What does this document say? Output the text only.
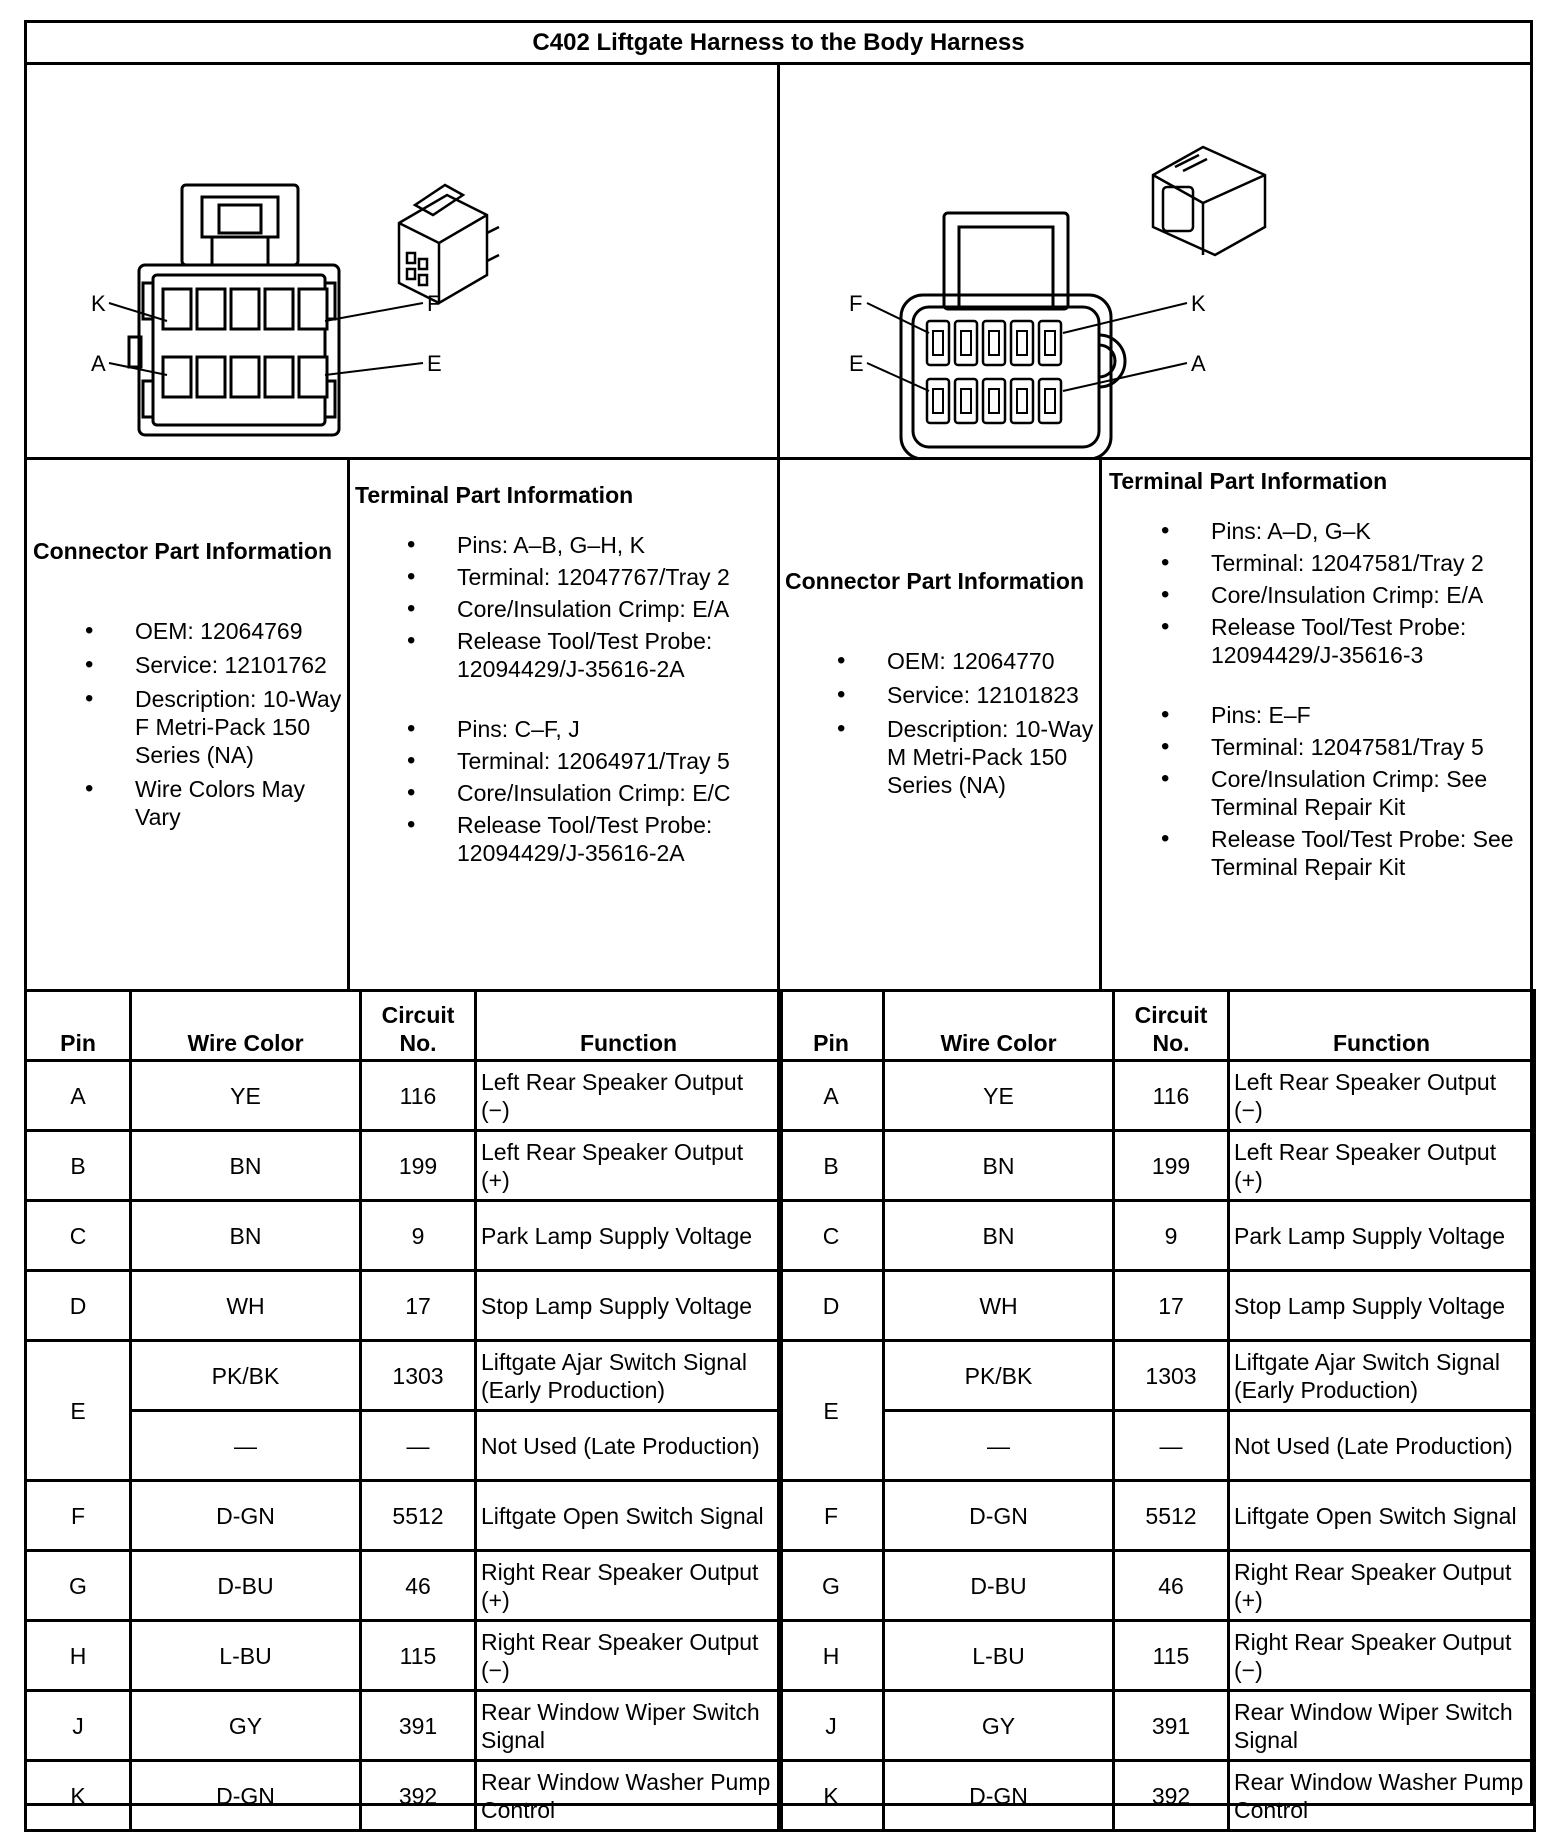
C402 Liftgate Harness to the Body Harness
K
A
F
E
F
E
K
A
Connector Part Information
• OEM: 12064769
• Service: 12101762
• Description: 10-Way F Metri-Pack 150 Series (NA)
• Wire Colors May Vary
Terminal Part Information
• Pins: A–B, G–H, K
• Terminal: 12047767/Tray 2
• Core/Insulation Crimp: E/A
• Release Tool/Test Probe: 12094429/J-35616-2A
• Pins: C–F, J
• Terminal: 12064971/Tray 5
• Core/Insulation Crimp: E/C
• Release Tool/Test Probe: 12094429/J-35616-2A
Connector Part Information
• OEM: 12064770
• Service: 12101823
• Description: 10-Way M Metri-Pack 150 Series (NA)
Terminal Part Information
• Pins: A–D, G–K
• Terminal: 12047581/Tray 2
• Core/Insulation Crimp: E/A
• Release Tool/Test Probe: 12094429/J-35616-3
• Pins: E–F
• Terminal: 12047581/Tray 5
• Core/Insulation Crimp: See Terminal Repair Kit
• Release Tool/Test Probe: See Terminal Repair Kit
Pin	Wire Color	Circuit No.	Function
A	YE	116	Left Rear Speaker Output (−)
B	BN	199	Left Rear Speaker Output (+)
C	BN	9	Park Lamp Supply Voltage
D	WH	17	Stop Lamp Supply Voltage
E	PK/BK	1303	Liftgate Ajar Switch Signal (Early Production)
	—	—	Not Used (Late Production)
F	D-GN	5512	Liftgate Open Switch Signal
G	D-BU	46	Right Rear Speaker Output (+)
H	L-BU	115	Right Rear Speaker Output (−)
J	GY	391	Rear Window Wiper Switch Signal
K	D-GN	392	Rear Window Washer Pump Control
Pin	Wire Color	Circuit No.	Function
A	YE	116	Left Rear Speaker Output (−)
B	BN	199	Left Rear Speaker Output (+)
C	BN	9	Park Lamp Supply Voltage
D	WH	17	Stop Lamp Supply Voltage
E	PK/BK	1303	Liftgate Ajar Switch Signal (Early Production)
	—	—	Not Used (Late Production)
F	D-GN	5512	Liftgate Open Switch Signal
G	D-BU	46	Right Rear Speaker Output (+)
H	L-BU	115	Right Rear Speaker Output (−)
J	GY	391	Rear Window Wiper Switch Signal
K	D-GN	392	Rear Window Washer Pump Control
